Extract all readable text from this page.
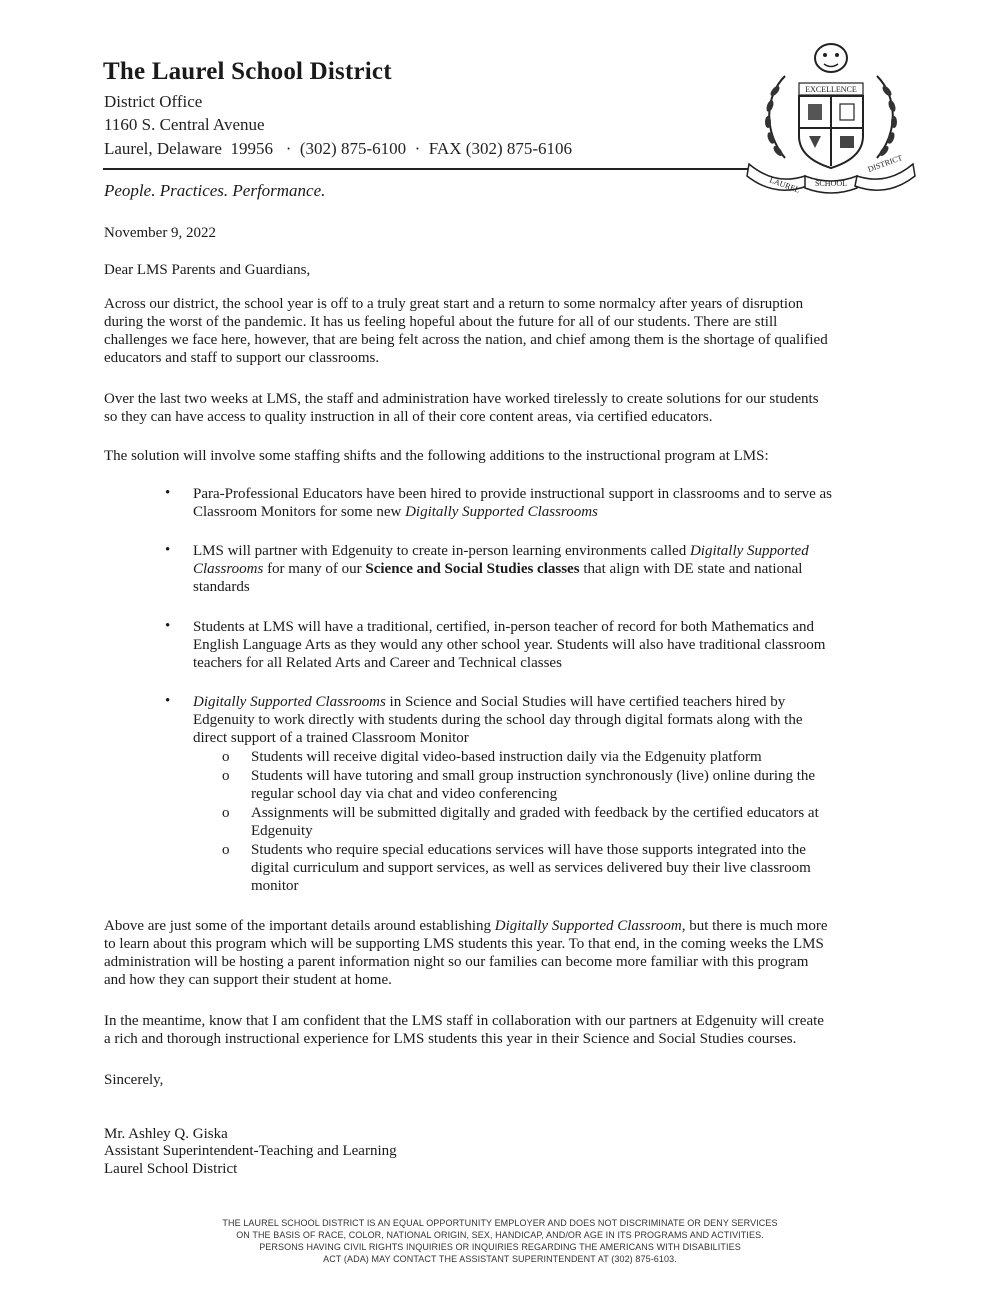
The Laurel School District
District Office
1160 S. Central Avenue
Laurel, Delaware  19956   ·  (302) 875-6100  ·  FAX (302) 875-6106
People. Practices. Performance.
EXCELLENCE
LAUREL SCHOOL
DISTRICT
November 9, 2022
Dear LMS Parents and Guardians,
Across our district, the school year is off to a truly great start and a return to some normalcy after years of disruption
during the worst of the pandemic. It has us feeling hopeful about the future for all of our students. There are still
challenges we face here, however, that are being felt across the nation, and chief among them is the shortage of qualified
educators and staff to support our classrooms.
Over the last two weeks at LMS, the staff and administration have worked tirelessly to create solutions for our students
so they can have access to quality instruction in all of their core content areas, via certified educators.
The solution will involve some staffing shifts and the following additions to the instructional program at LMS:
• Para-Professional Educators have been hired to provide instructional support in classrooms and to serve as
Classroom Monitors for some new Digitally Supported Classrooms
• LMS will partner with Edgenuity to create in-person learning environments called Digitally Supported
Classrooms for many of our Science and Social Studies classes that align with DE state and national
standards
• Students at LMS will have a traditional, certified, in-person teacher of record for both Mathematics and
English Language Arts as they would any other school year. Students will also have traditional classroom
teachers for all Related Arts and Career and Technical classes
• Digitally Supported Classrooms in Science and Social Studies will have certified teachers hired by
Edgenuity to work directly with students during the school day through digital formats along with the
direct support of a trained Classroom Monitor
o Students will receive digital video-based instruction daily via the Edgenuity platform
o Students will have tutoring and small group instruction synchronously (live) online during the
regular school day via chat and video conferencing
o Assignments will be submitted digitally and graded with feedback by the certified educators at
Edgenuity
o Students who require special educations services will have those supports integrated into the
digital curriculum and support services, as well as services delivered buy their live classroom
monitor
Above are just some of the important details around establishing Digitally Supported Classroom, but there is much more
to learn about this program which will be supporting LMS students this year. To that end, in the coming weeks the LMS
administration will be hosting a parent information night so our families can become more familiar with this program
and how they can support their student at home.
In the meantime, know that I am confident that the LMS staff in collaboration with our partners at Edgenuity will create
a rich and thorough instructional experience for LMS students this year in their Science and Social Studies courses.
Sincerely,
Mr. Ashley Q. Giska
Assistant Superintendent-Teaching and Learning
Laurel School District
THE LAUREL SCHOOL DISTRICT IS AN EQUAL OPPORTUNITY EMPLOYER AND DOES NOT DISCRIMINATE OR DENY SERVICES
ON THE BASIS OF RACE, COLOR, NATIONAL ORIGIN, SEX, HANDICAP, AND/OR AGE IN ITS PROGRAMS AND ACTIVITIES.
PERSONS HAVING CIVIL RIGHTS INQUIRIES OR INQUIRIES REGARDING THE AMERICANS WITH DISABILITIES
ACT (ADA) MAY CONTACT THE ASSISTANT SUPERINTENDENT AT (302) 875-6103.
